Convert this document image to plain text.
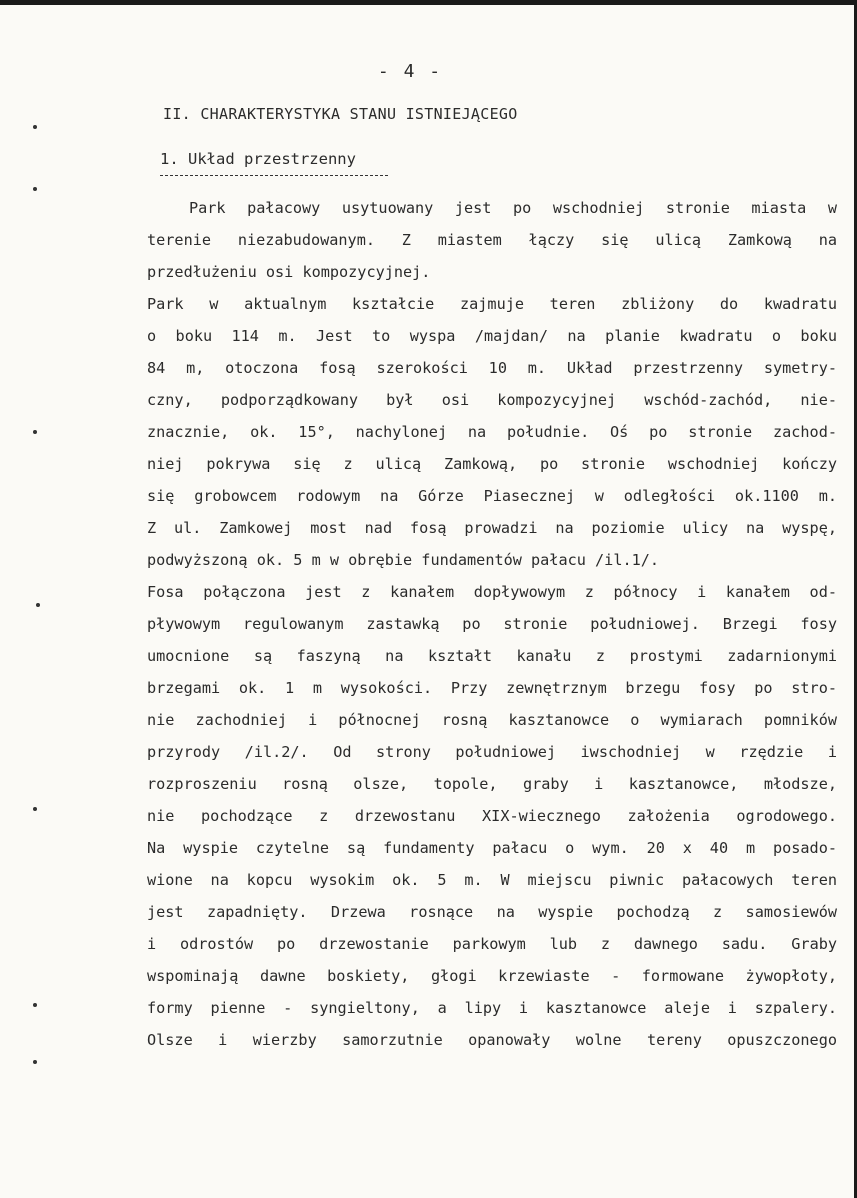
- 4 -
II. CHARAKTERYSTYKA STANU ISTNIEJĄCEGO
1. Układ przestrzenny
Park pałacowy usytuowany jest po wschodniej stronie miasta w
terenie niezabudowanym. Z miastem łączy się ulicą Zamkową na
przedłużeniu osi kompozycyjnej.
Park w aktualnym kształcie zajmuje teren zbliżony do kwadratu
o boku 114 m. Jest to wyspa /majdan/ na planie kwadratu o boku
84 m, otoczona fosą szerokości 10 m. Układ przestrzenny symetry-
czny, podporządkowany był osi kompozycyjnej wschód-zachód, nie-
znacznie, ok. 15°, nachylonej na południe. Oś po stronie zachod-
niej pokrywa się z ulicą Zamkową, po stronie wschodniej kończy
się grobowcem rodowym na Górze Piasecznej w odległości ok.1100 m.
Z ul. Zamkowej most nad fosą prowadzi na poziomie ulicy na wyspę,
podwyższoną ok. 5 m w obrębie fundamentów pałacu /il.1/.
Fosa połączona jest z kanałem dopływowym z północy i kanałem od-
pływowym regulowanym zastawką po stronie południowej. Brzegi fosy
umocnione są faszyną na kształt kanału z prostymi zadarnionymi
brzegami ok. 1 m wysokości. Przy zewnętrznym brzegu fosy po stro-
nie zachodniej i północnej rosną kasztanowce o wymiarach pomników
przyrody /il.2/. Od strony południowej iwschodniej w rzędzie i
rozproszeniu rosną olsze, topole, graby i kasztanowce, młodsze,
nie pochodzące z drzewostanu XIX-wiecznego założenia ogrodowego.
Na wyspie czytelne są fundamenty pałacu o wym. 20 x 40 m posado-
wione na kopcu wysokim ok. 5 m. W miejscu piwnic pałacowych teren
jest zapadnięty. Drzewa rosnące na wyspie pochodzą z samosiewów
i odrostów po drzewostanie parkowym lub z dawnego sadu. Graby
wspominają dawne boskiety, głogi krzewiaste - formowane żywopłoty,
formy pienne - syngieltony, a lipy i kasztanowce aleje i szpalery.
Olsze i wierzby samorzutnie opanowały wolne tereny opuszczonego
